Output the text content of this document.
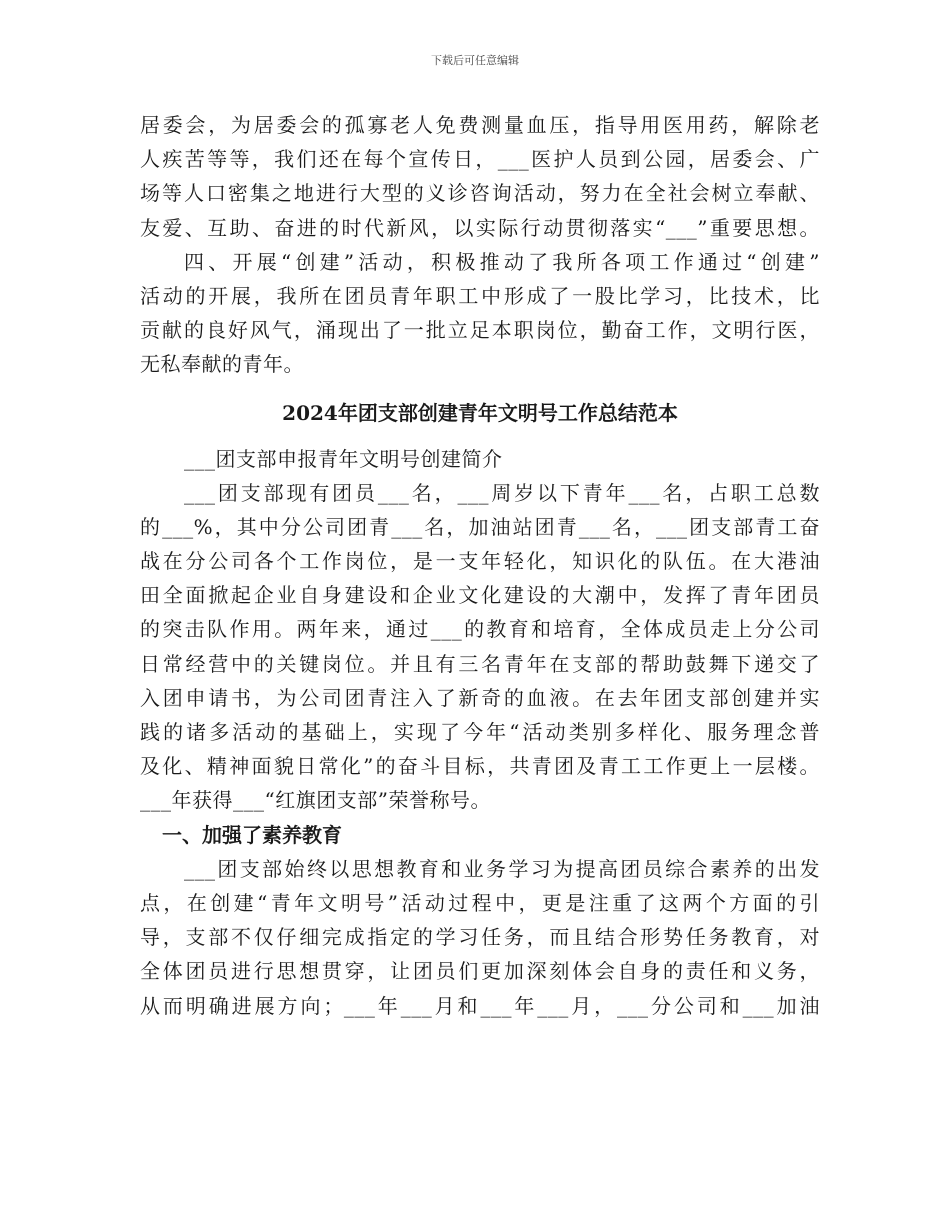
下载后可任意编辑
居委会，为居委会的孤寡老人免费测量血压，指导用医用药，解除老
人疾苦等等，我们还在每个宣传日，___医护人员到公园，居委会、广
场等人口密集之地进行大型的义诊咨询活动，努力在全社会树立奉献、
友爱、互助、奋进的时代新风，以实际行动贯彻落实“___”重要思想。
四、开展“创建”活动，积极推动了我所各项工作通过“创建”
活动的开展，我所在团员青年职工中形成了一股比学习，比技术，比
贡献的良好风气，涌现出了一批立足本职岗位，勤奋工作，文明行医，
无私奉献的青年。
2024年团支部创建青年文明号工作总结范本
___团支部申报青年文明号创建简介
___团支部现有团员___名，___周岁以下青年___名，占职工总数
的___%，其中分公司团青___名，加油站团青___名，___团支部青工奋
战在分公司各个工作岗位，是一支年轻化，知识化的队伍。在大港油
田全面掀起企业自身建设和企业文化建设的大潮中，发挥了青年团员
的突击队作用。两年来，通过___的教育和培育，全体成员走上分公司
日常经营中的关键岗位。并且有三名青年在支部的帮助鼓舞下递交了
入团申请书，为公司团青注入了新奇的血液。在去年团支部创建并实
践的诸多活动的基础上，实现了今年“活动类别多样化、服务理念普
及化、精神面貌日常化”的奋斗目标，共青团及青工工作更上一层楼。
___年获得___“红旗团支部”荣誉称号。
一、加强了素养教育
___团支部始终以思想教育和业务学习为提高团员综合素养的出发
点，在创建“青年文明号”活动过程中，更是注重了这两个方面的引
导，支部不仅仔细完成指定的学习任务，而且结合形势任务教育，对
全体团员进行思想贯穿，让团员们更加深刻体会自身的责任和义务，
从而明确进展方向；___年___月和___年___月，___分公司和___加油
